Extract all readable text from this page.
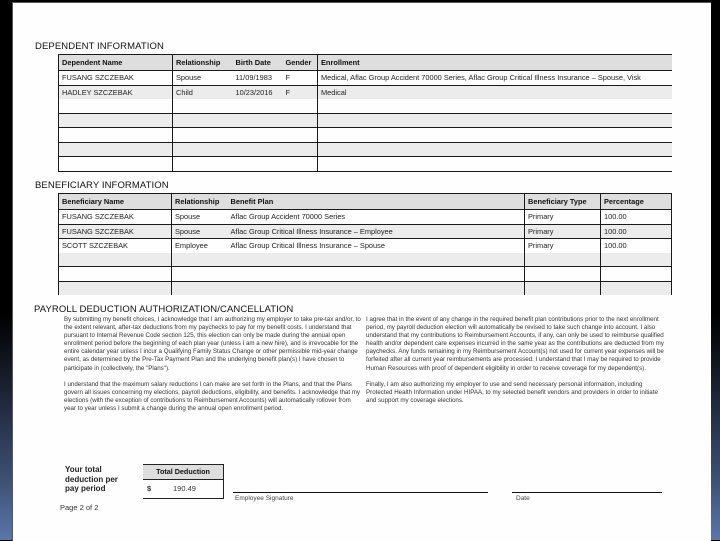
DEPENDENT INFORMATION
Dependent Name	Relationship	Birth Date	Gender	Enrollment
FUSANG SZCZEBAK	Spouse	11/09/1983	F	Medical, Aflac Group Accident 70000 Series, Aflac Group Critical Illness Insurance – Spouse, Visk
HADLEY SZCZEBAK	Child	10/23/2016	F	Medical

BENEFICIARY INFORMATION
Beneficiary Name	Relationship	Benefit Plan	Beneficiary Type	Percentage
FUSANG SZCZEBAK	Spouse	Aflac Group Accident 70000 Series	Primary	100.00
FUSANG SZCZEBAK	Spouse	Aflac Group Critical Illness Insurance – Employee	Primary	100.00
SCOTT SZCZEBAK	Employee	Aflac Group Critical Illness Insurance – Spouse	Primary	100.00

PAYROLL DEDUCTION AUTHORIZATION/CANCELLATION

By submitting my benefit choices, I acknowledge that I am authorizing my employer to take pre-tax and/or, to the extent relevant, after-tax deductions from my paychecks to pay for my benefit costs. I understand that pursuant to Internal Revenue Code section 125, this election can only be made during the annual open enrollment period before the beginning of each plan year (unless I am a new hire), and is irrevocable for the entire calendar year unless I incur a Qualifying Family Status Change or other permissible mid-year change event, as determined by the Pre-Tax Payment Plan and the underlying benefit plan(s) I have chosen to participate in (collectively, the "Plans").

I understand that the maximum salary reductions I can make are set forth in the Plans, and that the Plans govern all issues concerning my elections, payroll deductions, eligibility, and benefits. I acknowledge that my elections (with the exception of contributions to Reimbursement Accounts) will automatically rollover from year to year unless I submit a change during the annual open enrollment period.

I agree that in the event of any change in the required benefit plan contributions prior to the next enrollment period, my payroll deduction election will automatically be revised to take such change into account. I also understand that my contributions to Reimbursement Accounts, if any, can only be used to reimburse qualified health and/or dependent care expenses incurred in the same year as the contributions are deducted from my paychecks. Any funds remaining in my Reimbursement Account(s) not used for current year expenses will be forfeited after all current year reimbursements are processed. I understand that I may be required to provide Human Resources with proof of dependent eligibility in order to receive coverage for my dependent(s).

Finally, I am also authorizing my employer to use and send necessary personal information, including Protected Health Information under HIPAA, to my selected benefit vendors and providers in order to initiate and support my coverage elections.

Your total
deduction per
pay period
Total Deduction
$	190.49
Page 2 of 2
Employee Signature	Date
